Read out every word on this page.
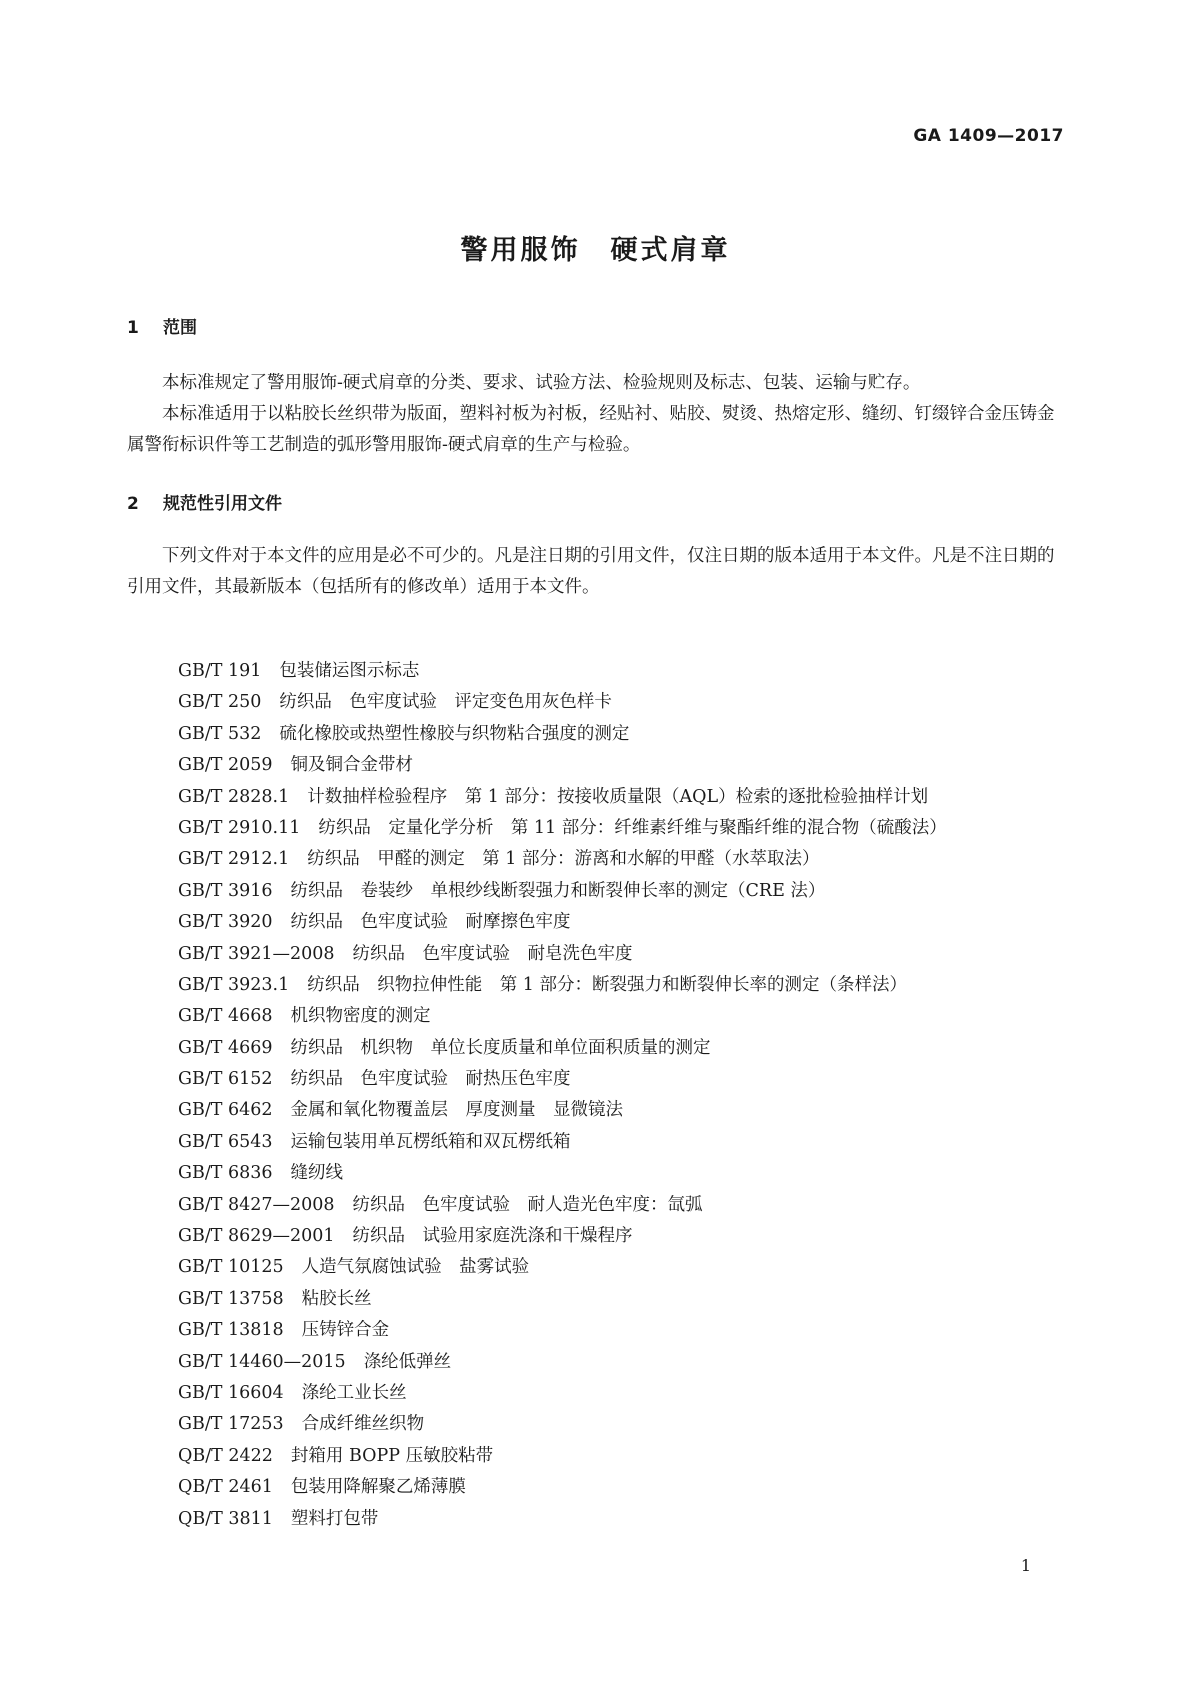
GA 1409—2017
警用服饰　硬式肩章
1 范围

本标准规定了警用服饰-硬式肩章的分类、要求、试验方法、检验规则及标志、包装、运输与贮存。

本标准适用于以粘胶长丝织带为版面，塑料衬板为衬板，经贴衬、贴胶、熨烫、热熔定形、缝纫、钉缀锌合金压铸金属警衔标识件等工艺制造的弧形警用服饰-硬式肩章的生产与检验。

2 规范性引用文件

下列文件对于本文件的应用是必不可少的。凡是注日期的引用文件，仅注日期的版本适用于本文件。凡是不注日期的引用文件，其最新版本（包括所有的修改单）适用于本文件。

GB/T 191 包装储运图示标志
GB/T 250 纺织品　色牢度试验　评定变色用灰色样卡
GB/T 532 硫化橡胶或热塑性橡胶与织物粘合强度的测定
GB/T 2059 铜及铜合金带材
GB/T 2828.1 计数抽样检验程序　第 1 部分：按接收质量限（AQL）检索的逐批检验抽样计划
GB/T 2910.11 纺织品　定量化学分析　第 11 部分：纤维素纤维与聚酯纤维的混合物（硫酸法）
GB/T 2912.1 纺织品　甲醛的测定　第 1 部分：游离和水解的甲醛（水萃取法）
GB/T 3916 纺织品　卷装纱　单根纱线断裂强力和断裂伸长率的测定（CRE 法）
GB/T 3920 纺织品　色牢度试验　耐摩擦色牢度
GB/T 3921—2008 纺织品　色牢度试验　耐皂洗色牢度
GB/T 3923.1 纺织品　织物拉伸性能　第 1 部分：断裂强力和断裂伸长率的测定（条样法）
GB/T 4668 机织物密度的测定
GB/T 4669 纺织品　机织物　单位长度质量和单位面积质量的测定
GB/T 6152 纺织品　色牢度试验　耐热压色牢度
GB/T 6462 金属和氧化物覆盖层　厚度测量　显微镜法
GB/T 6543 运输包装用单瓦楞纸箱和双瓦楞纸箱
GB/T 6836 缝纫线
GB/T 8427—2008 纺织品　色牢度试验　耐人造光色牢度：氙弧
GB/T 8629—2001 纺织品　试验用家庭洗涤和干燥程序
GB/T 10125 人造气氛腐蚀试验　盐雾试验
GB/T 13758 粘胶长丝
GB/T 13818 压铸锌合金
GB/T 14460—2015 涤纶低弹丝
GB/T 16604 涤纶工业长丝
GB/T 17253 合成纤维丝织物
QB/T 2422 封箱用 BOPP 压敏胶粘带
QB/T 2461 包装用降解聚乙烯薄膜
QB/T 3811 塑料打包带
1
